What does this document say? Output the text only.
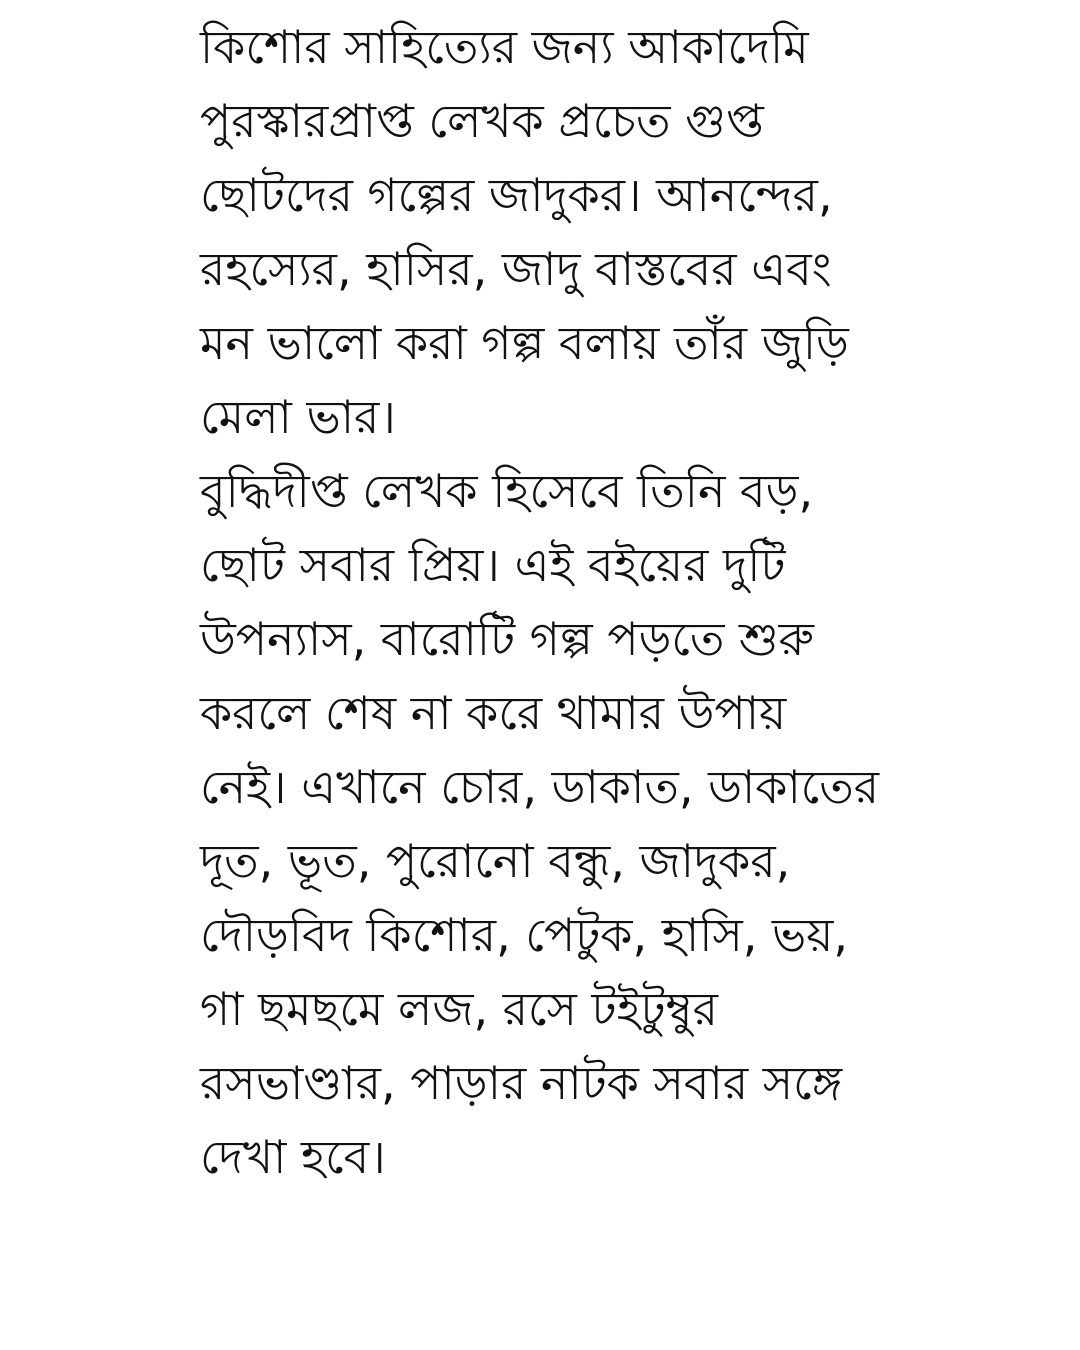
কিশোর সাহিত্যের জন্য আকাদেমি
পুরস্কারপ্রাপ্ত লেখক প্রচেত গুপ্ত
ছোটদের গল্পের জাদুকর। আনন্দের,
রহস্যের, হাসির, জাদু বাস্তবের এবং
মন ভালো করা গল্প বলায় তাঁর জুড়ি
মেলা ভার।
বুদ্ধিদীপ্ত লেখক হিসেবে তিনি বড়,
ছোট সবার প্রিয়। এই বইয়ের দুটি
উপন্যাস, বারোটি গল্প পড়তে শুরু
করলে শেষ না করে থামার উপায়
নেই। এখানে চোর, ডাকাত, ডাকাতের
দূত, ভূত, পুরোনো বন্ধু, জাদুকর,
দৌড়বিদ কিশোর, পেটুক, হাসি, ভয়,
গা ছমছমে লজ, রসে টইটুম্বুর
রসভাণ্ডার, পাড়ার নাটক সবার সঙ্গে
দেখা হবে।
